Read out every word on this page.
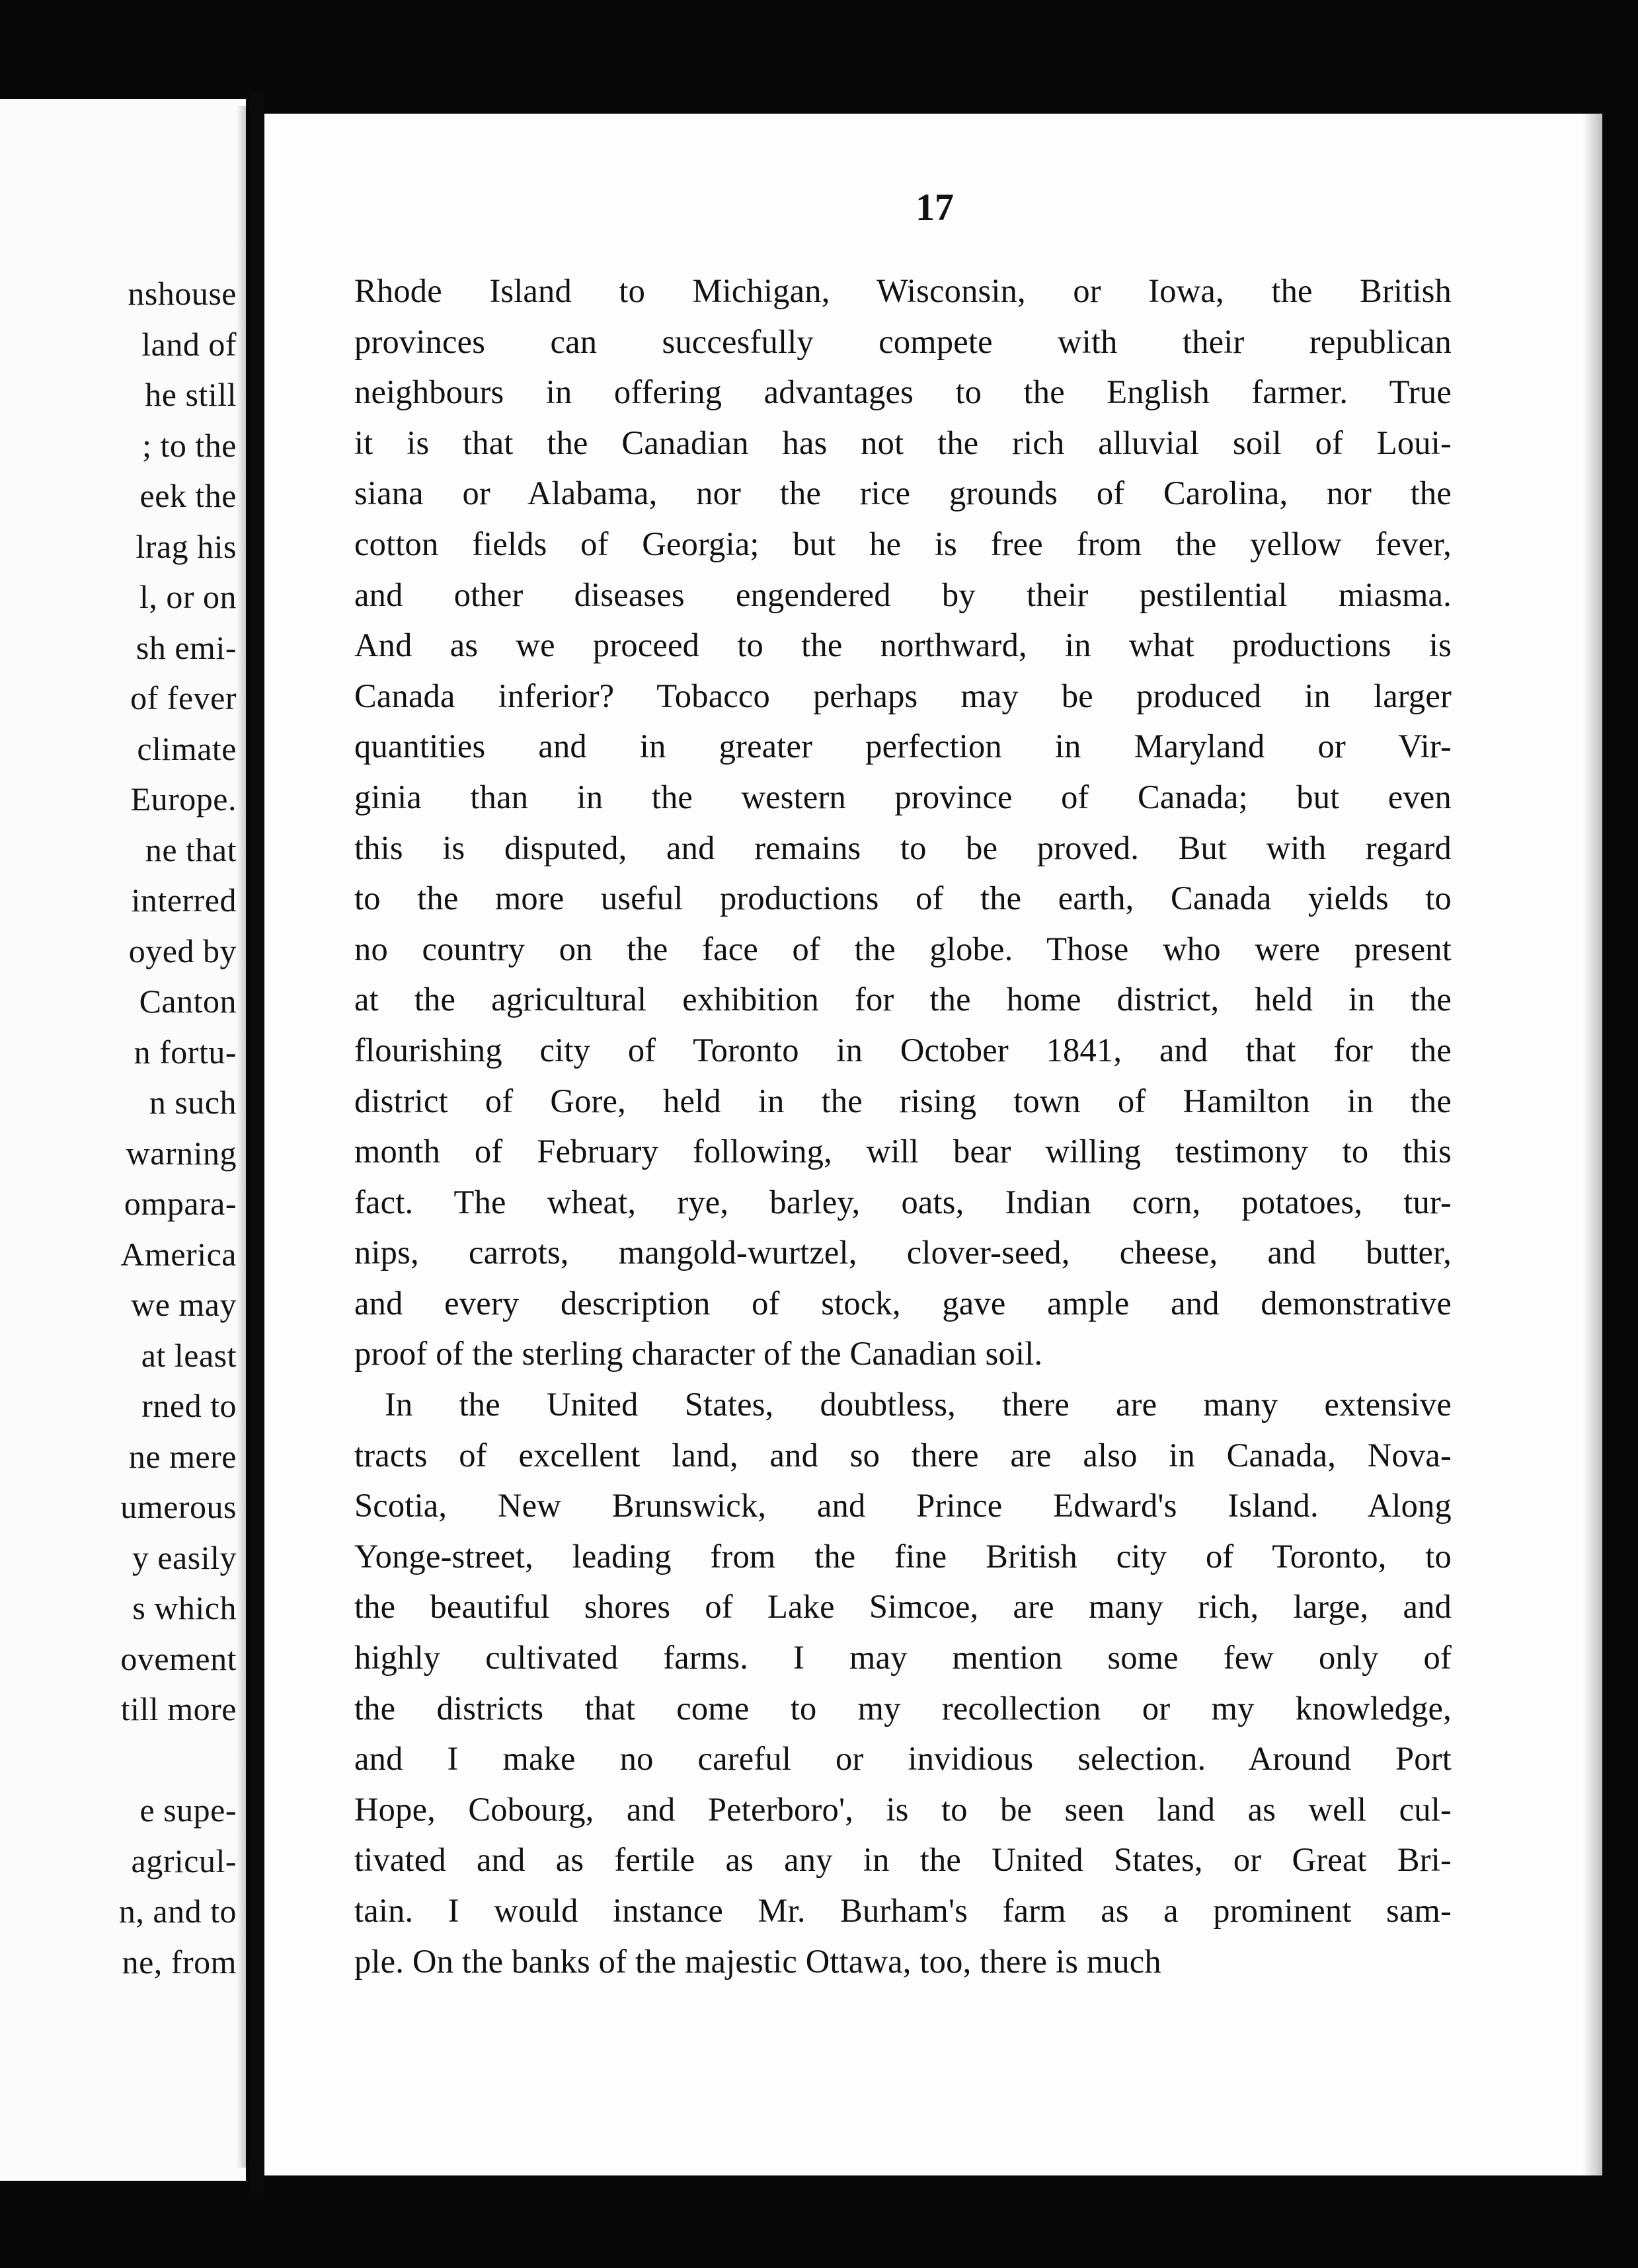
nshouse
land of
he still
; to the
eek the
lrag his
l, or on
sh emi-
of fever
climate
Europe.
ne that
interred
oyed by
Canton
n fortu-
n such
warning
ompara-
America
we may
at least
rned to
ne mere
umerous
y easily
s which
ovement
till more
e supe-
agricul-
n, and to
ne, from
17
Rhode Island to Michigan, Wisconsin, or Iowa, the British
provinces can succesfully compete with their republican
neighbours in offering advantages to the English farmer. True
it is that the Canadian has not the rich alluvial soil of Loui-
siana or Alabama, nor the rice grounds of Carolina, nor the
cotton fields of Georgia; but he is free from the yellow fever,
and other diseases engendered by their pestilential miasma.
And as we proceed to the northward, in what productions is
Canada inferior? Tobacco perhaps may be produced in larger
quantities and in greater perfection in Maryland or Vir-
ginia than in the western province of Canada; but even
this is disputed, and remains to be proved. But with regard
to the more useful productions of the earth, Canada yields to
no country on the face of the globe. Those who were present
at the agricultural exhibition for the home district, held in the
flourishing city of Toronto in October 1841, and that for the
district of Gore, held in the rising town of Hamilton in the
month of February following, will bear willing testimony to this
fact. The wheat, rye, barley, oats, Indian corn, potatoes, tur-
nips, carrots, mangold-wurtzel, clover-seed, cheese, and butter,
and every description of stock, gave ample and demonstrative
proof of the sterling character of the Canadian soil.
In the United States, doubtless, there are many extensive
tracts of excellent land, and so there are also in Canada, Nova-
Scotia, New Brunswick, and Prince Edward's Island. Along
Yonge-street, leading from the fine British city of Toronto, to
the beautiful shores of Lake Simcoe, are many rich, large, and
highly cultivated farms. I may mention some few only of
the districts that come to my recollection or my knowledge,
and I make no careful or invidious selection. Around Port
Hope, Cobourg, and Peterboro', is to be seen land as well cul-
tivated and as fertile as any in the United States, or Great Bri-
tain. I would instance Mr. Burham's farm as a prominent sam-
ple. On the banks of the majestic Ottawa, too, there is much
